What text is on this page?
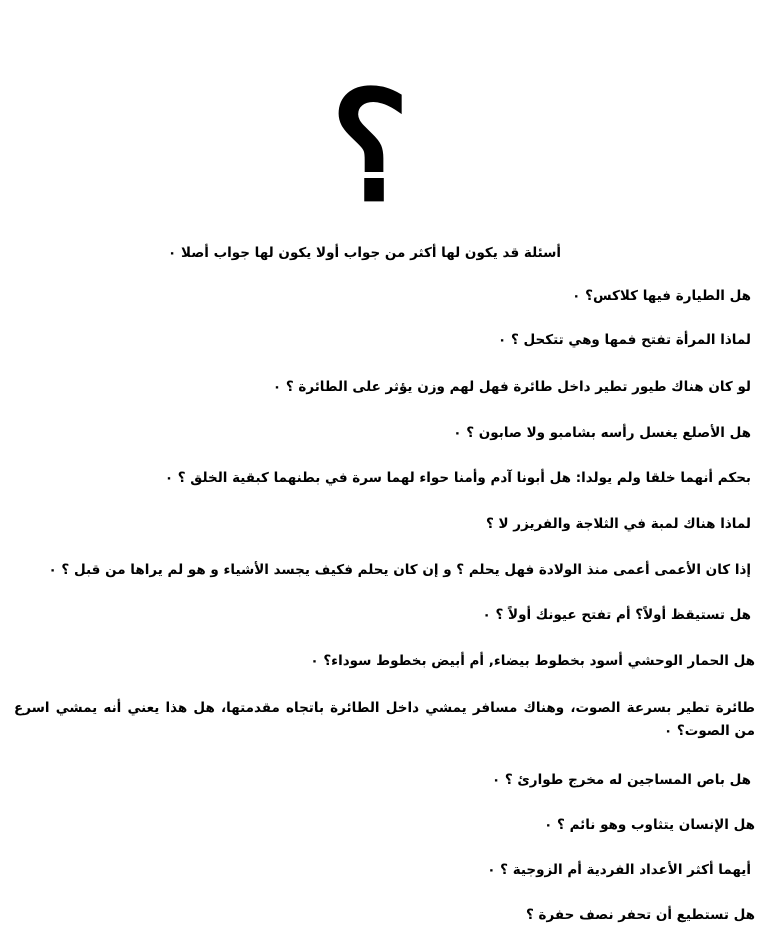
؟
أسئلة قد يكون لها أكثر من جواب أولا يكون لها جواب أصلا ٠
هل الطيارة فيها كلاكس؟ ٠
لماذا المرأة تفتح فمها وهي تتكحل ؟ ٠
لو كان هناك طيور تطير داخل طائرة فهل لهم وزن يؤثر على الطائرة ؟ ٠
هل الأصلع يغسل رأسه بشامبو ولا صابون ؟ ٠
بحكم أنهما خلقا ولم يولدا: هل أبونا آدم وأمنا حواء لهما سرة في بطنهما كبقية الخلق ؟ ٠
لماذا هناك لمبة في الثلاجة والفريزر لا ؟
إذا كان الأعمى أعمى منذ الولادة فهل يحلم ؟ و إن كان يحلم فكيف يجسد الأشياء و هو لم يراها من قبل ؟ ٠
هل تستيقظ أولاً؟ أم تفتح عيونك أولاً ؟ ٠
هل الحمار الوحشي أسود بخطوط بيضاء, أم أبيض بخطوط سوداء؟ ٠
طائرة تطير بسرعة الصوت، وهناك مسافر يمشي داخل الطائرة باتجاه مقدمتها، هل هذا يعني أنه يمشي اسرع من الصوت؟ ٠
هل باص المساجين له مخرج طوارئ ؟ ٠
هل الإنسان يتثاوب وهو نائم ؟ ٠
أيهما أكثر الأعداد الفردية أم الزوجية ؟ ٠
هل تستطيع أن تحفر نصف حفرة ؟
